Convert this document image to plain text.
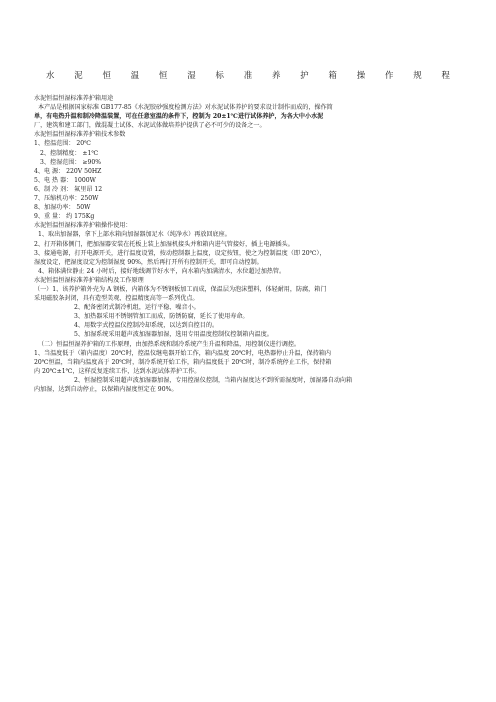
水 泥 恒 温 恒 湿 标 准 养 护 箱 操 作 规 程

水泥恒温恒湿标准养护箱用途

本产品是根据国家标准 GB177-85《水泥胶砂强度检测方法》对水泥试体养护的要求设计制作而成的，操作简

单，有电热升温和制冷降温装置，可在任意室温的条件下，控制为 20±1℃进行试体养护，为各大中小水泥

厂，建筑和建工部门，做混凝土试体、水泥试体做培养护提供了必不可少的设备之一。

水泥恒温恒湿标准养护箱技术参数

1、控温范围： 20℃

2、控制精度： ±1℃

3、控湿范围： ≥90%

4、电 源： 220V 50HZ

5、电 热 器： 1000W

6、制 冷 剂： 氟里昂 12

7、压缩机功率：250W

8、加湿功率： 50W

9、重 量： 约 175Kg

水泥恒温恒湿标准养护箱操作使用：

1、取出加湿器，拿下上部水箱向加湿器加足水（纯净水）再放回底座。

2、打开箱体侧门，把加湿器安装在托板上装上加湿机接头并和箱内进气管接好，插上电源插头。

3、接通电源，打开电源开关，进行温度设置，按动控制器上温度，设定按钮，使之为控制温度（即 20℃），

湿度设定，把湿度设定为控制湿度 90%，然后再打开所有控制开关，即可自动控制。

4、箱体满位静止 24 小时后，接好地线调节好水平，向水箱内加满清水，水位超过加热管。

水泥恒温恒湿标准养护箱结构及工作原理

（一）1、该养护箱外壳为 A 钢板，内箱体为不锈钢板加工而成，保温层为泡沫塑料，体轻耐用，防腐，箱门

采用磁胶条封闭，具有造型美观、控温精度高等一系列优点。

2、配备密闭式制冷机组，运行平稳、噪音小。

3、加热器采用不锈钢管加工而成，防锈防腐，延长了使用寿命。

4、用数字式控温仪控制冷却系统，以达到自控目的。

5、加湿系统采用超声波加湿器加湿，选用专用温度控制仪控制箱内温度。

（二）恒温恒湿养护箱的工作原理，由加热系统和制冷系统产生升温和降温，用控制仪进行调控。

1、当温度低于（箱内温度）20℃时，控温仪继电器开始工作，箱内温度 20℃时，电热器停止升温，保持箱内

20℃恒温，当箱内温度高于 20℃时，制冷系统开始工作，箱内温度低于 20℃时，制冷系统停止工作，保持箱

内 20℃±1℃，这样反复连续工作，达到水泥试体养护工作。

2、恒湿控制采用超声波加湿器加湿，专用控湿仪控制，当箱内湿度达不到所需湿度时，加湿器自动向箱

内加湿，达到自动停止，以保箱内湿度恒定在 90%。
